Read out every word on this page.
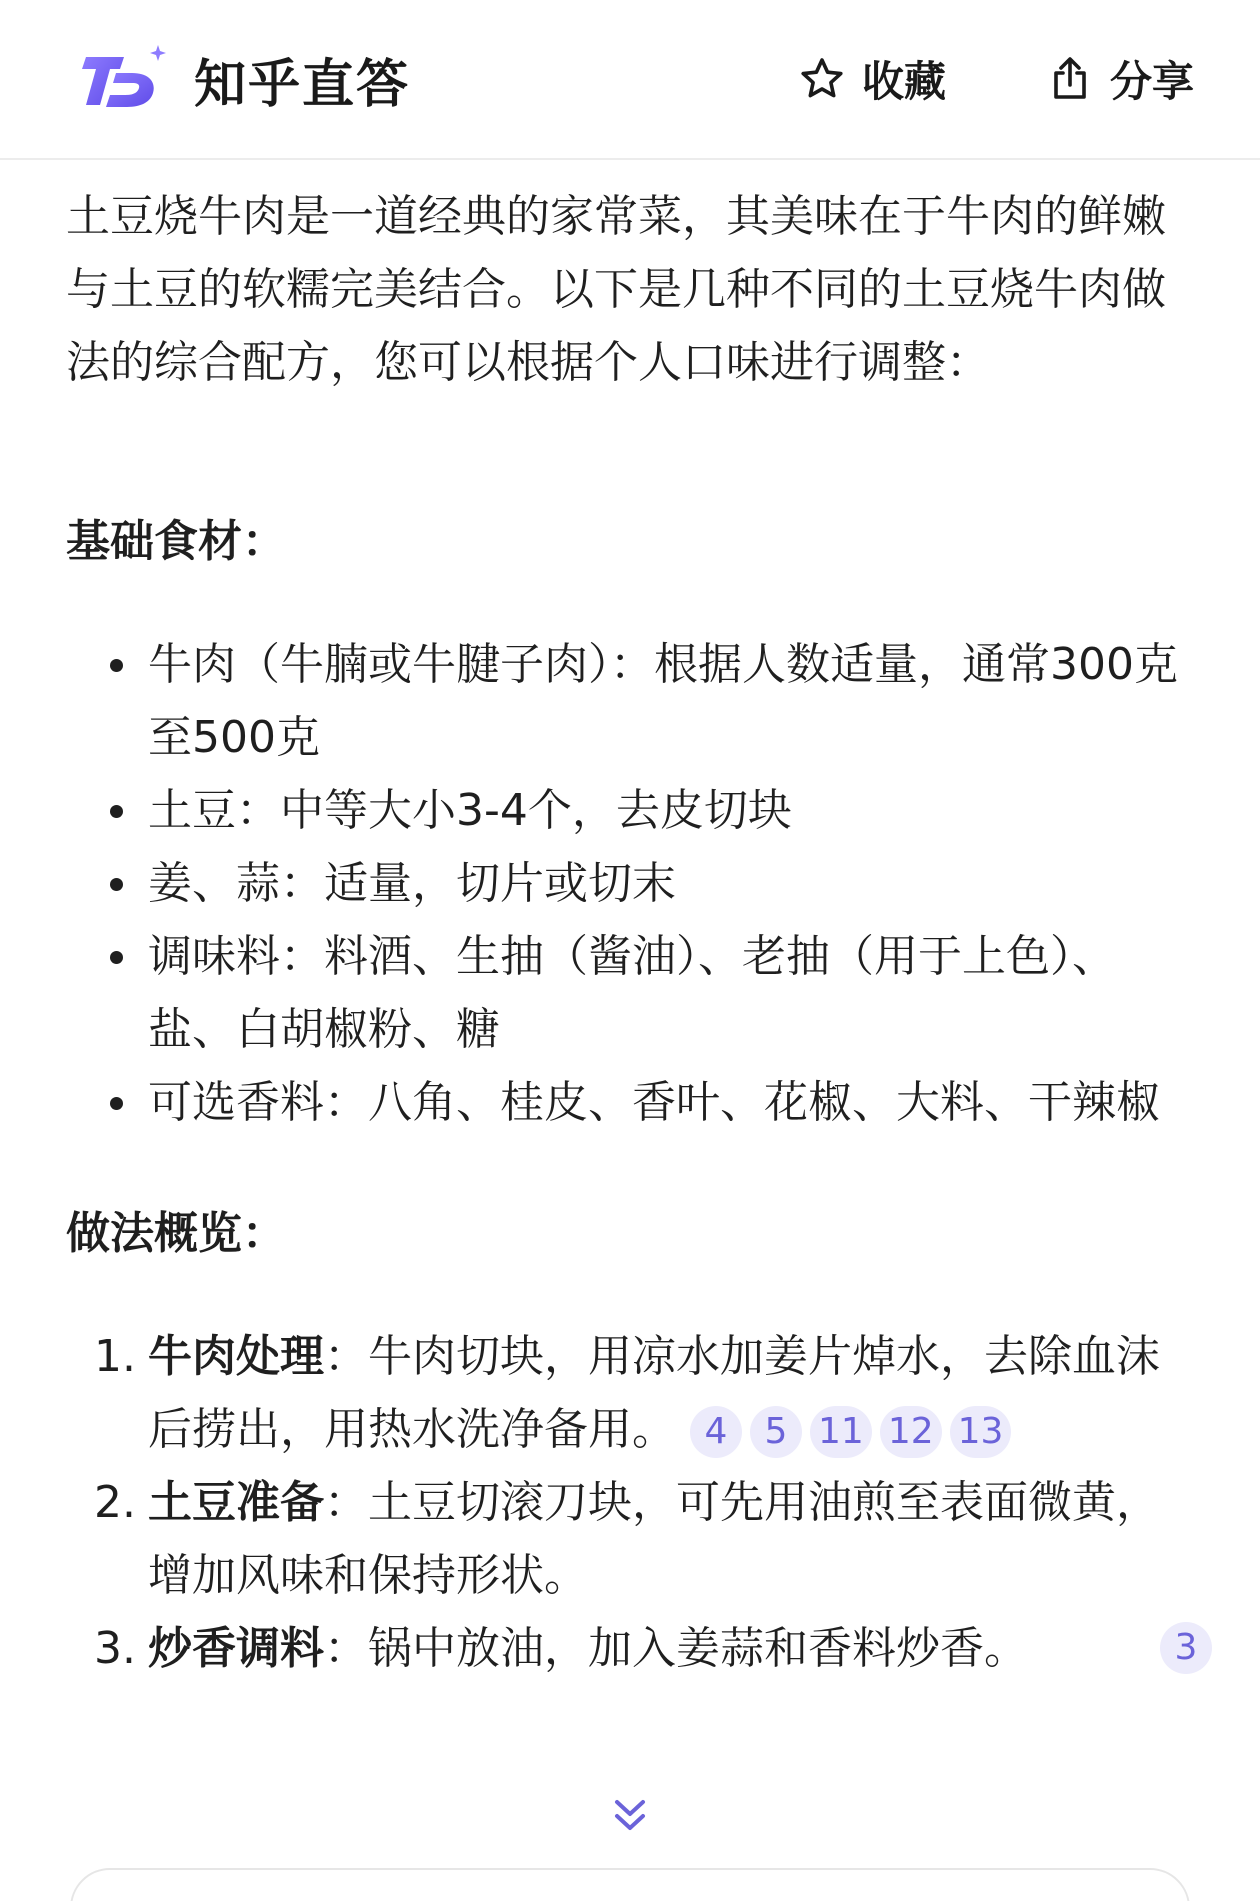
知乎直答	收藏	分享

土豆烧牛肉是一道经典的家常菜，其美味在于牛肉的鲜嫩与土豆的软糯完美结合。以下是几种不同的土豆烧牛肉做法的综合配方，您可以根据个人口味进行调整：

基础食材：
牛肉（牛腩或牛腱子肉）：根据人数适量，通常300克至500克
土豆：中等大小3-4个，去皮切块
姜、蒜：适量，切片或切末
调味料：料酒、生抽（酱油）、老抽（用于上色）、盐、白胡椒粉、糖
可选香料：八角、桂皮、香叶、花椒、大料、干辣椒
做法概览：
1. 牛肉处理：牛肉切块，用凉水加姜片焯水，去除血沫后捞出，用热水洗净备用。 4	5 11 12 13
2. 土豆准备：土豆切滚刀块，可先用油煎至表面微黄，增加风味和保持形状。
3. 炒香调料：锅中放油，加入姜蒜和香料炒香。	3
